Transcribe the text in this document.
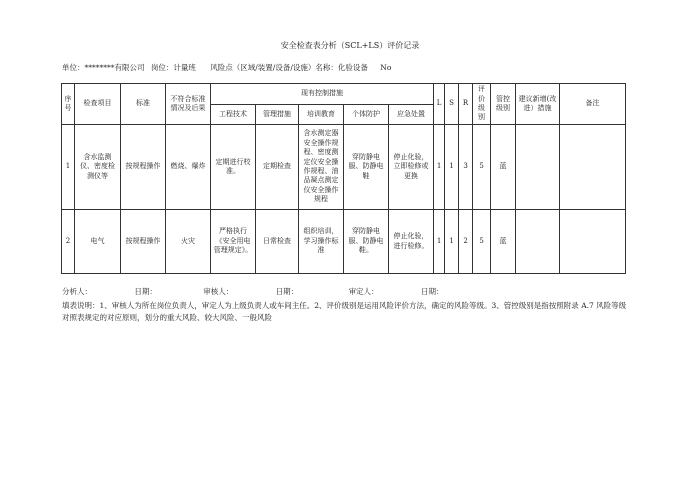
安全检查表分析（SCL+LS）评价记录
单位：********有限公司 岗位：计量班 风险点（区域/装置/设备/设施）名称：化验设备 No
序号	检查项目	标准	不符合标准情况及后果	现有控制措施					L	S	R	评价级别	管控级别	建议新增(改进）措施	备注
				工程技术	管理措施	培训教育	个体防护	应急处置							
1	含水监测仪、密度检测仪等	按规程操作	燃烧、爆炸	定期进行校准。	定期检查	含水测定器安全操作规程、密度测定仪安全操作规程、油品凝点测定仪安全操作规程	穿防静电服、防静电鞋	停止化验，立即检修或更换	1	1	3	5	蓝		
2	电气	按规程操作	火灾	严格执行《安全用电管理规定》。	日常检查	组织培训，学习操作标准	穿防静电服、防静电鞋。	停止化验，进行检修。	1	1	2	5	蓝		
分析人：	日期：	审核人：	日期：	审定人：	日期：
填表说明：1、审核人为所在岗位负责人，审定人为上级负责人或车间主任。2、评价级别是运用风险评价方法，确定的风险等级。3、管控级别是指按照附录 A.7 风险等级对照表规定的对应原则，划分的重大风险、较大风险、一般风险
